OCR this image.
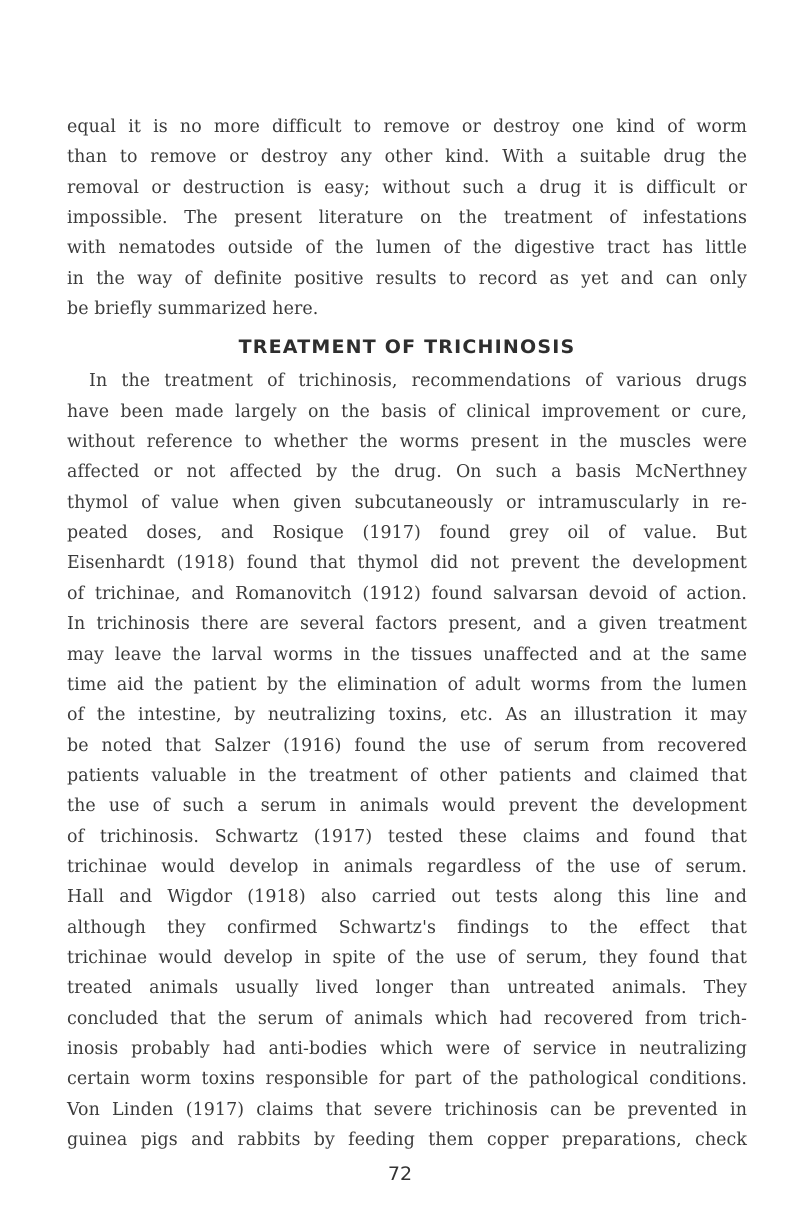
equal it is no more difficult to remove or destroy one kind of worm
than to remove or destroy any other kind. With a suitable drug the
removal or destruction is easy; without such a drug it is difficult or
impossible. The present literature on the treatment of infestations
with nematodes outside of the lumen of the digestive tract has little
in the way of definite positive results to record as yet and can only
be briefly summarized here.
TREATMENT OF TRICHINOSIS
In the treatment of trichinosis, recommendations of various drugs
have been made largely on the basis of clinical improvement or cure,
without reference to whether the worms present in the muscles were
affected or not affected by the drug. On such a basis McNerthney
thymol of value when given subcutaneously or intramuscularly in re-
peated doses, and Rosique (1917) found grey oil of value. But
Eisenhardt (1918) found that thymol did not prevent the development
of trichinae, and Romanovitch (1912) found salvarsan devoid of action.
In trichinosis there are several factors present, and a given treatment
may leave the larval worms in the tissues unaffected and at the same
time aid the patient by the elimination of adult worms from the lumen
of the intestine, by neutralizing toxins, etc. As an illustration it may
be noted that Salzer (1916) found the use of serum from recovered
patients valuable in the treatment of other patients and claimed that
the use of such a serum in animals would prevent the development
of trichinosis. Schwartz (1917) tested these claims and found that
trichinae would develop in animals regardless of the use of serum.
Hall and Wigdor (1918) also carried out tests along this line and
although they confirmed Schwartz's findings to the effect that
trichinae would develop in spite of the use of serum, they found that
treated animals usually lived longer than untreated animals. They
concluded that the serum of animals which had recovered from trich-
inosis probably had anti-bodies which were of service in neutralizing
certain worm toxins responsible for part of the pathological conditions.
Von Linden (1917) claims that severe trichinosis can be prevented in
guinea pigs and rabbits by feeding them copper preparations, check
72
